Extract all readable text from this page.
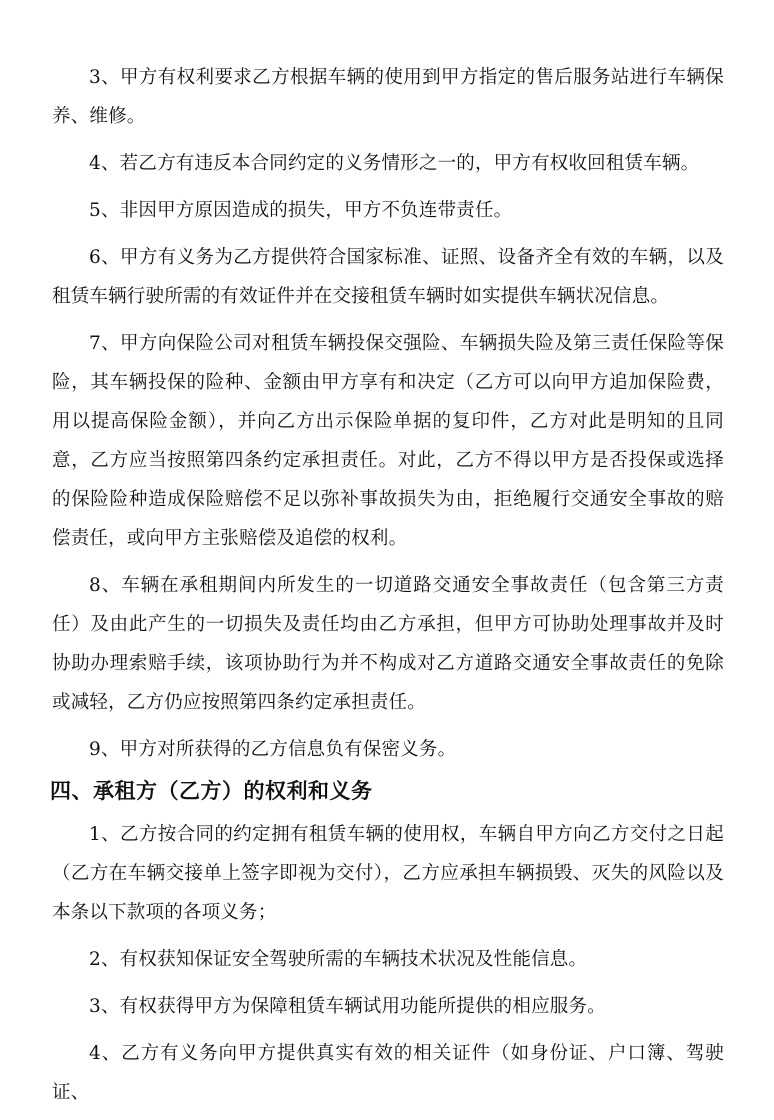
3、甲方有权利要求乙方根据车辆的使用到甲方指定的售后服务站进行车辆保养、维修。

4、若乙方有违反本合同约定的义务情形之一的，甲方有权收回租赁车辆。

5、非因甲方原因造成的损失，甲方不负连带责任。

6、甲方有义务为乙方提供符合国家标准、证照、设备齐全有效的车辆，以及租赁车辆行驶所需的有效证件并在交接租赁车辆时如实提供车辆状况信息。

7、甲方向保险公司对租赁车辆投保交强险、车辆损失险及第三责任保险等保险，其车辆投保的险种、金额由甲方享有和决定（乙方可以向甲方追加保险费，用以提高保险金额），并向乙方出示保险单据的复印件，乙方对此是明知的且同意，乙方应当按照第四条约定承担责任。对此，乙方不得以甲方是否投保或选择的保险险种造成保险赔偿不足以弥补事故损失为由，拒绝履行交通安全事故的赔偿责任，或向甲方主张赔偿及追偿的权利。

8、车辆在承租期间内所发生的一切道路交通安全事故责任（包含第三方责任）及由此产生的一切损失及责任均由乙方承担，但甲方可协助处理事故并及时协助办理索赔手续，该项协助行为并不构成对乙方道路交通安全事故责任的免除或减轻，乙方仍应按照第四条约定承担责任。

9、甲方对所获得的乙方信息负有保密义务。

四、承租方（乙方）的权利和义务

1、乙方按合同的约定拥有租赁车辆的使用权，车辆自甲方向乙方交付之日起（乙方在车辆交接单上签字即视为交付），乙方应承担车辆损毁、灭失的风险以及本条以下款项的各项义务；

2、有权获知保证安全驾驶所需的车辆技术状况及性能信息。

3、有权获得甲方为保障租赁车辆试用功能所提供的相应服务。

4、乙方有义务向甲方提供真实有效的相关证件（如身份证、户口簿、驾驶证、
